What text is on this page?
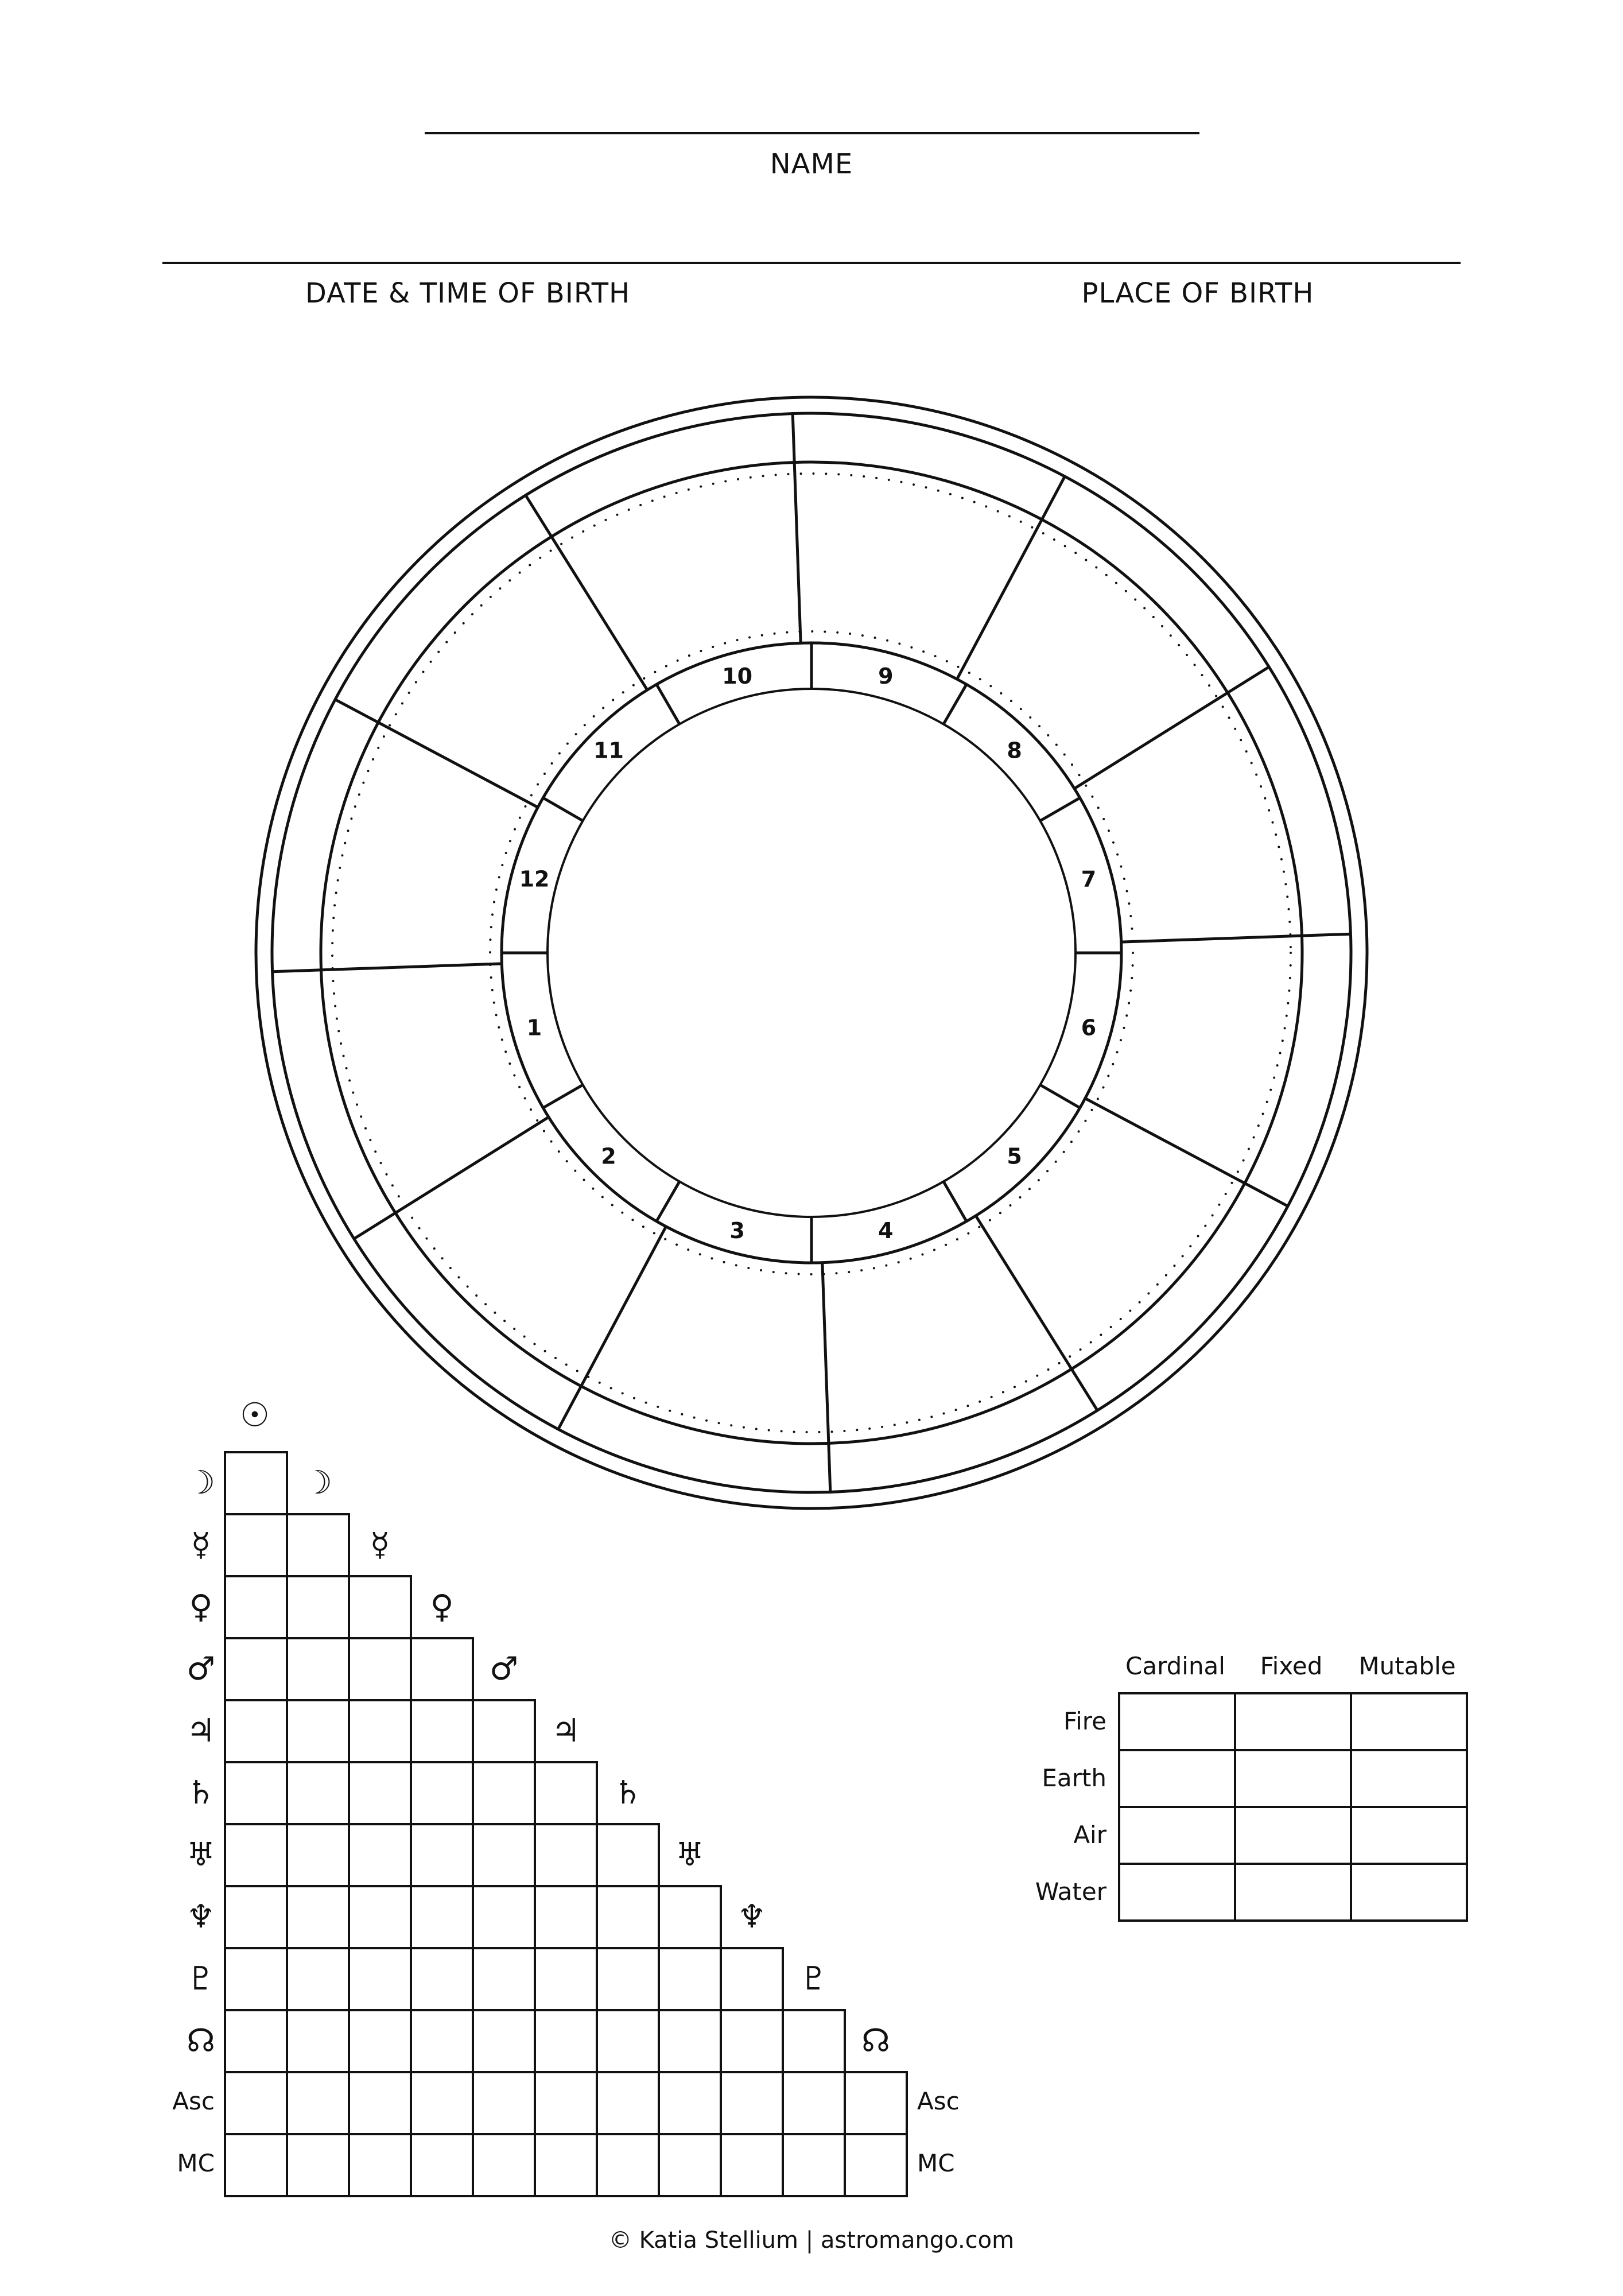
NAME
DATE & TIME OF BIRTH	PLACE OF BIRTH
1
2
3	4
5
6
7
8
9
10
11
12
☉
☽	☽
☿	☿
♀	♀
♂	♂
♃	♃
♄	♄
♅	♅
♆	♆
♇	♇
☊	☊
Asc	Asc
MC	MC
Cardinal	Fixed	Mutable
Fire
Earth
Air
Water
© Katia Stellium | astromango.com
